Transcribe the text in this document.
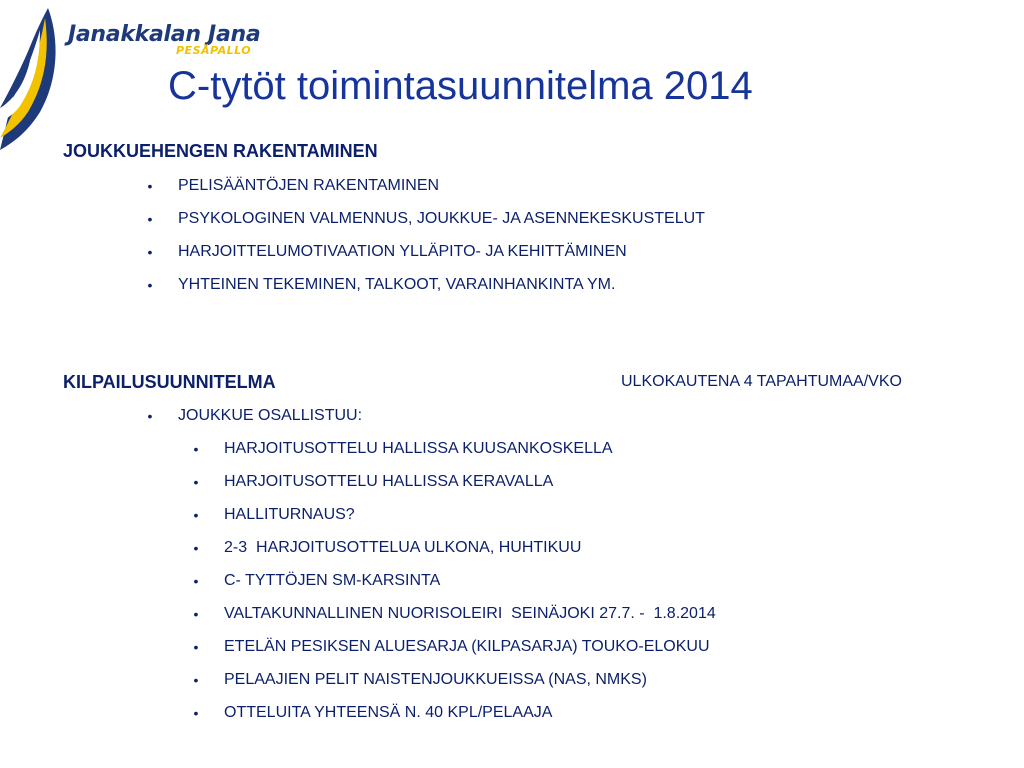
Janakkalan Jana
PESÄPALLO
C-tytöt toimintasuunnitelma 2014
JOUKKUEHENGEN RAKENTAMINEN
• PELISÄÄNTÖJEN RAKENTAMINEN
• PSYKOLOGINEN VALMENNUS, JOUKKUE- JA ASENNEKESKUSTELUT
• HARJOITTELUMOTIVAATION YLLÄPITO- JA KEHITTÄMINEN
• YHTEINEN TEKEMINEN, TALKOOT, VARAINHANKINTA YM.
KILPAILUSUUNNITELMA	ULKOKAUTENA 4 TAPAHTUMAA/VKO
• JOUKKUE OSALLISTUU:
• HARJOITUSOTTELU HALLISSA KUUSANKOSKELLA
• HARJOITUSOTTELU HALLISSA KERAVALLA
• HALLITURNAUS?
• 2-3  HARJOITUSOTTELUA ULKONA, HUHTIKUU
• C- TYTTÖJEN SM-KARSINTA
• VALTAKUNNALLINEN NUORISOLEIRI  SEINÄJOKI 27.7. -  1.8.2014
• ETELÄN PESIKSEN ALUESARJA (KILPASARJA) TOUKO-ELOKUU
• PELAAJIEN PELIT NAISTENJOUKKUEISSA (NAS, NMKS)
• OTTELUITA YHTEENSÄ N. 40 KPL/PELAAJA
